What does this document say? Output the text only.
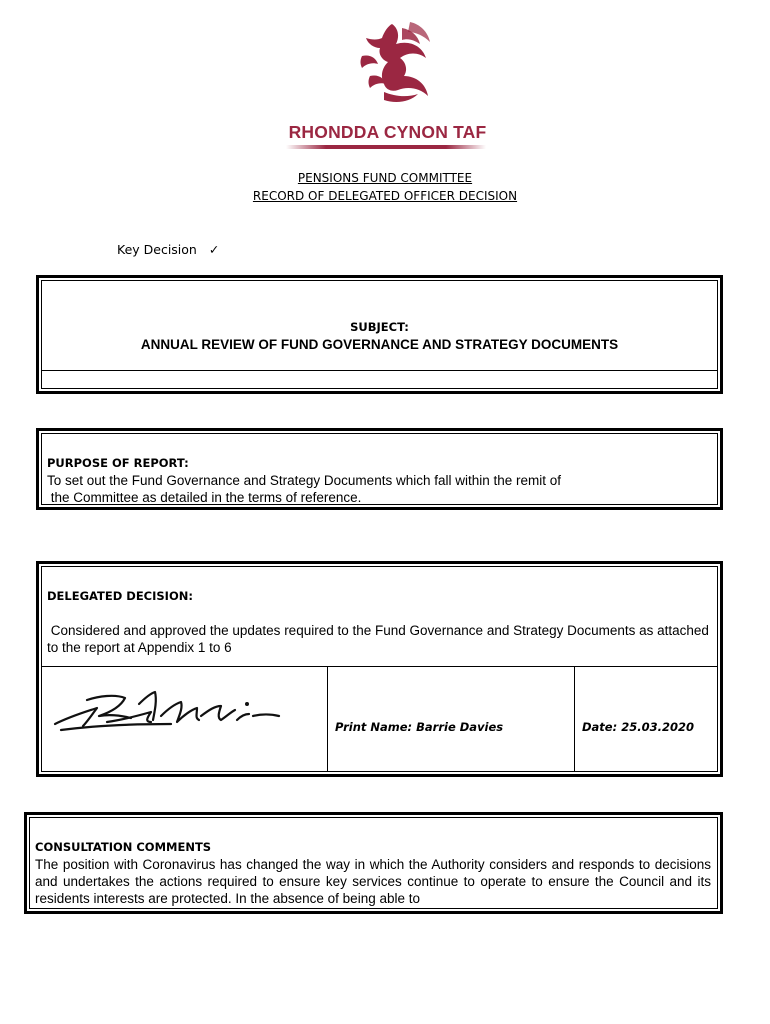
RHONDDA CYNON TAF
PENSIONS FUND COMMITTEE
RECORD OF DELEGATED OFFICER DECISION
Key Decision ✓
SUBJECT:
ANNUAL REVIEW OF FUND GOVERNANCE AND STRATEGY DOCUMENTS
PURPOSE OF REPORT:
To set out the Fund Governance and Strategy Documents which fall within the remit of
the Committee as detailed in the terms of reference.
DELEGATED DECISION:
Considered and approved the updates required to the Fund Governance and Strategy Documents as attached to the report at Appendix 1 to 6
Print Name: Barrie Davies	Date: 25.03.2020
CONSULTATION COMMENTS
The position with Coronavirus has changed the way in which the Authority considers and responds to decisions and undertakes the actions required to ensure key services continue to operate to ensure the Council and its residents interests are protected. In the absence of being able to
